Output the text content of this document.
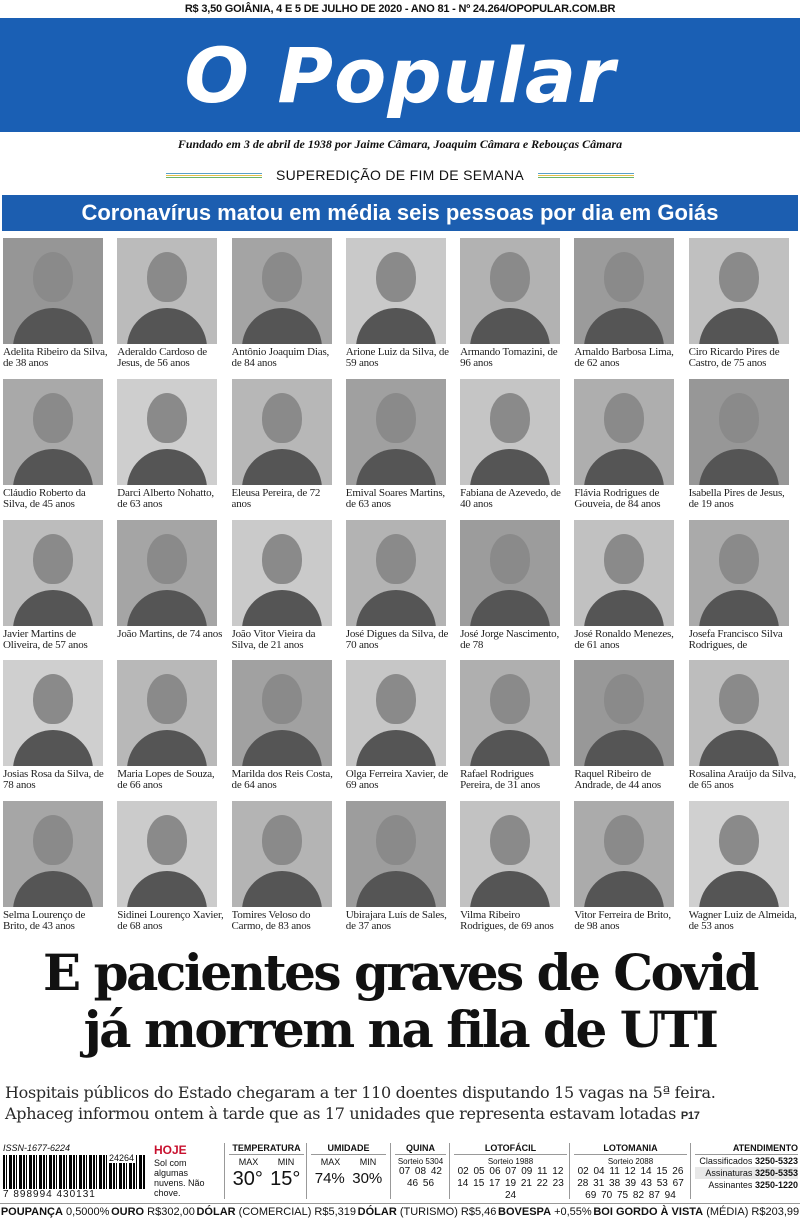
R$ 3,50 GOIÂNIA, 4 E 5 DE JULHO DE 2020 - ANO 81 - Nº 24.264/OPOPULAR.COM.BR
O Popular
Fundado em 3 de abril de 1938 por Jaime Câmara, Joaquim Câmara e Rebouças Câmara
SUPEREDIÇÃO DE FIM DE SEMANA
Coronavírus matou em média seis pessoas por dia em Goiás
Adelita Ribeiro da Silva, de 38 anos
Aderaldo Cardoso de Jesus, de 56 anos
Antônio Joaquim Dias, de 84 anos
Arione Luiz da Silva, de 59 anos
Armando Tomazini, de 96 anos
Arnaldo Barbosa Lima, de 62 anos
Ciro Ricardo Pires de Castro, de 75 anos
Cláudio Roberto da Silva, de 45 anos
Darci Alberto Nohatto, de 63 anos
Eleusa Pereira, de 72 anos
Emival Soares Martins, de 63 anos
Fabiana de Azevedo, de 40 anos
Flávia Rodrigues de Gouveia, de 84 anos
Isabella Pires de Jesus, de 19 anos
Javier Martins de Oliveira, de 57 anos
João Martins, de 74 anos João Vitor Vieira da Silva, de 21 anos
José Digues da Silva, de 70 anos
José Jorge Nascimento, de 78
José Ronaldo Menezes, de 61 anos
Josefa Francisco Silva Rodrigues, de
Josias Rosa da Silva, de 78 anos
Maria Lopes de Souza, de 66 anos
Marilda dos Reis Costa, de 64 anos
Olga Ferreira Xavier, de 69 anos
Rafael Rodrigues Pereira, de 31 anos
Raquel Ribeiro de Andrade, de 44 anos
Rosalina Araújo da Silva, de 65 anos
Selma Lourenço de Brito, de 43 anos
Sidinei Lourenço Xavier, de 68 anos
Tomires Veloso do Carmo, de 83 anos
Ubirajara Luís de Sales, de 37 anos
Vilma Ribeiro Rodrigues, de 69 anos
Vitor Ferreira de Brito, de 98 anos
Wagner Luiz de Almeida, de 53 anos
E pacientes graves de Covid
já morrem na fila de UTI
Hospitais públicos do Estado chegaram a ter 110 doentes disputando 15 vagas na 5ª feira.
Aphaceg informou ontem à tarde que as 17 unidades que representa estavam lotadas P17
ISSN-1677-6224
24264
7 898994 430131
HOJE
Sol com algumas nuvens. Não chove.
TEMPERATURA
MAX MIN
30° 15°
UMIDADE
MAX MIN
74% 30%
QUINA
Sorteio 5304
07 08 42 46 56
LOTOFÁCIL
Sorteio 1988
02 05 06 07 09 11 12 14 15 17 19 21 22 23 24
LOTOMANIA
Sorteio 2088
02 04 11 12 14 15 26 28 31 38 39 43 53 67 69 70 75 82 87 94
ATENDIMENTO
Classificados 3250-5323
Assinaturas 3250-5353
Assinantes 3250-1220
POUPANÇA 0,5000% OURO R$302,00 DÓLAR (COMERCIAL) R$5,319 DÓLAR (TURISMO) R$5,46 BOVESPA +0,55% BOI GORDO À VISTA (MÉDIA) R$203,99
